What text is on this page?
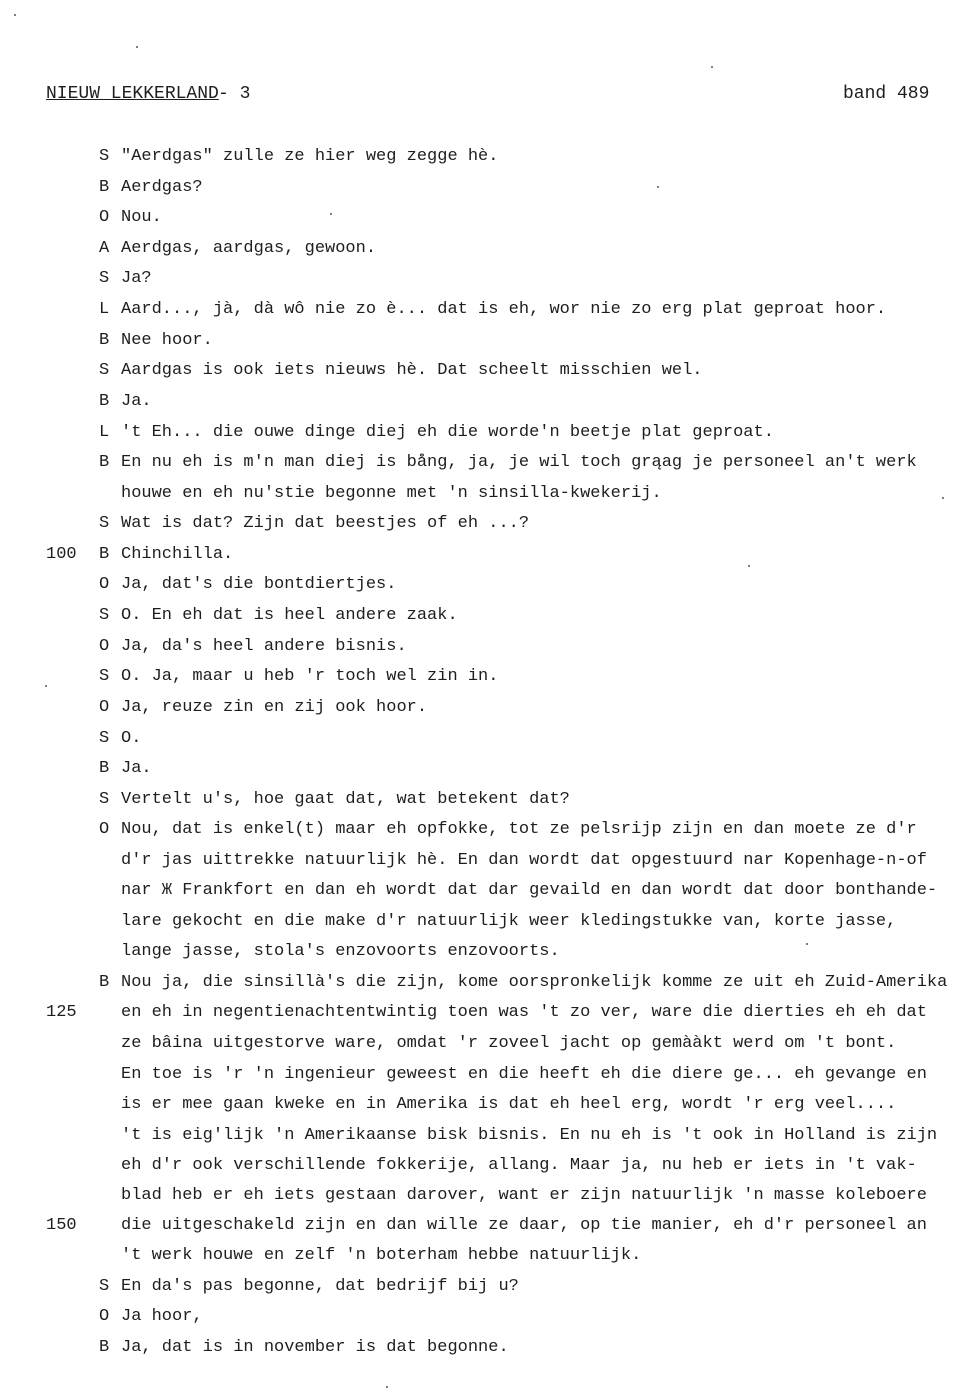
NIEUW LEKKERLAND - 3	band 489
S "Aerdgas" zulle ze hier weg zegge hè.
B Aerdgas?
O Nou.
A Aerdgas, aardgas, gewoon.
S Ja?
L Aard..., jà, dà wô nie zo è... dat is eh, wor nie zo erg plat geproat hoor.
B Nee hoor.
S Aardgas is ook iets nieuws hè. Dat scheelt misschien wel.
B Ja.
L 't Eh... die ouwe dinge diej eh die worde'n beetje plat geproat.
B En nu eh is m'n man diej is bång, ja, je wil toch grąag je personeel an't werk
houwe en eh nu'stie begonne met 'n sinsilla-kwekerij.
S Wat is dat? Zijn dat beestjes of eh ...?
100 B Chinchilla.
O Ja, dat's die bontdiertjes.
S O. En eh dat is heel andere zaak.
O Ja, da's heel andere bisnis.
S O. Ja, maar u heb 'r toch wel zin in.
O Ja, reuze zin en zij ook hoor.
S O.
B Ja.
S Vertelt u's, hoe gaat dat, wat betekent dat?
O Nou, dat is enkel(t) maar eh opfokke, tot ze pelsrijp zijn en dan moete ze d'r
d'r jas uittrekke natuurlijk hè. En dan wordt dat opgestuurd nar Kopenhage-n-of
nar Ж Frankfort en dan eh wordt dat dar gevaild en dan wordt dat door bonthande-
lare gekocht en die make d'r natuurlijk weer kledingstukke van, korte jasse,
lange jasse, stola's enzovoorts enzovoorts.
B Nou ja, die sinsillà's die zijn, kome oorspronkelijk komme ze uit eh Zuid-Amerika
125	en eh in negentienachtentwintig toen was 't zo ver, ware die dierties eh eh dat
ze bâina uitgestorve ware, omdat 'r zoveel jacht op gemààkt werd om 't bont.
En toe is 'r 'n ingenieur geweest en die heeft eh die diere ge... eh gevange en
is er mee gaan kweke en in Amerika is dat eh heel erg, wordt 'r erg veel....
't is eig'lijk 'n Amerikaanse bisk bisnis. En nu eh is 't ook in Holland is zijn
eh d'r ook verschillende fokkerije, allang. Maar ja, nu heb er iets in 't vak-
blad heb er eh iets gestaan darover, want er zijn natuurlijk 'n masse koleboere
150	die uitgeschakeld zijn en dan wille ze daar, op tie manier, eh d'r personeel an
't werk houwe en zelf 'n boterham hebbe natuurlijk.
S En da's pas begonne, dat bedrijf bij u?
O Ja hoor,
B Ja, dat is in november is dat begonne.
